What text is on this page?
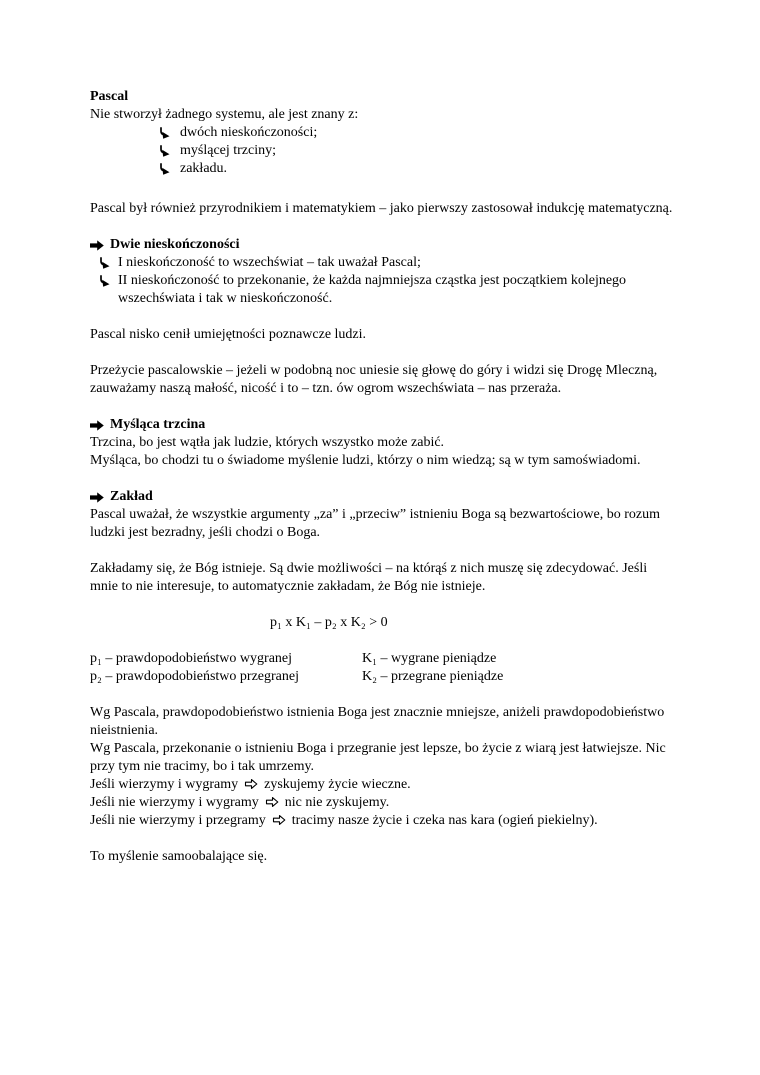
Pascal

Nie stworzył żadnego systemu, ale jest znany z:

dwóch nieskończoności;
myślącej trzciny;
zakładu.

Pascal był również przyrodnikiem i matematykiem – jako pierwszy zastosował indukcję matematyczną.

Dwie nieskończoności
I nieskończoność to wszechświat – tak uważał Pascal;
II nieskończoność to przekonanie, że każda najmniejsza cząstka jest początkiem kolejnego wszechświata i tak w nieskończoność.

Pascal nisko cenił umiejętności poznawcze ludzi.

Przeżycie pascalowskie – jeżeli w podobną noc uniesie się głowę do góry i widzi się Drogę Mleczną, zauważamy naszą małość, nicość i to – tzn. ów ogrom wszechświata – nas przeraża.

Myśląca trzcina

Trzcina, bo jest wątła jak ludzie, których wszystko może zabić.

Myśląca, bo chodzi tu o świadome myślenie ludzi, którzy o nim wiedzą; są w tym samoświadomi.

Zakład

Pascal uważał, że wszystkie argumenty „za” i „przeciw” istnieniu Boga są bezwartościowe, bo rozum ludzki jest bezradny, jeśli chodzi o Boga.

Zakładamy się, że Bóg istnieje. Są dwie możliwości – na którąś z nich muszę się zdecydować. Jeśli mnie to nie interesuje, to automatycznie zakładam, że Bóg nie istnieje.

p₁ x K₁ – p₂ x K₂ > 0

p₁ – prawdopodobieństwo wygranej	K₁ – wygrane pieniądze
p₂ – prawdopodobieństwo przegranej	K₂ – przegrane pieniądze

Wg Pascala, prawdopodobieństwo istnienia Boga jest znacznie mniejsze, aniżeli prawdopodobieństwo nieistnienia.

Wg Pascala, przekonanie o istnieniu Boga i przegranie jest lepsze, bo życie z wiarą jest łatwiejsze. Nic przy tym nie tracimy, bo i tak umrzemy.

Jeśli wierzymy i wygramy zyskujemy życie wieczne.

Jeśli nie wierzymy i wygramy nic nie zyskujemy.

Jeśli nie wierzymy i przegramy tracimy nasze życie i czeka nas kara (ogień piekielny).

To myślenie samoobalające się.
